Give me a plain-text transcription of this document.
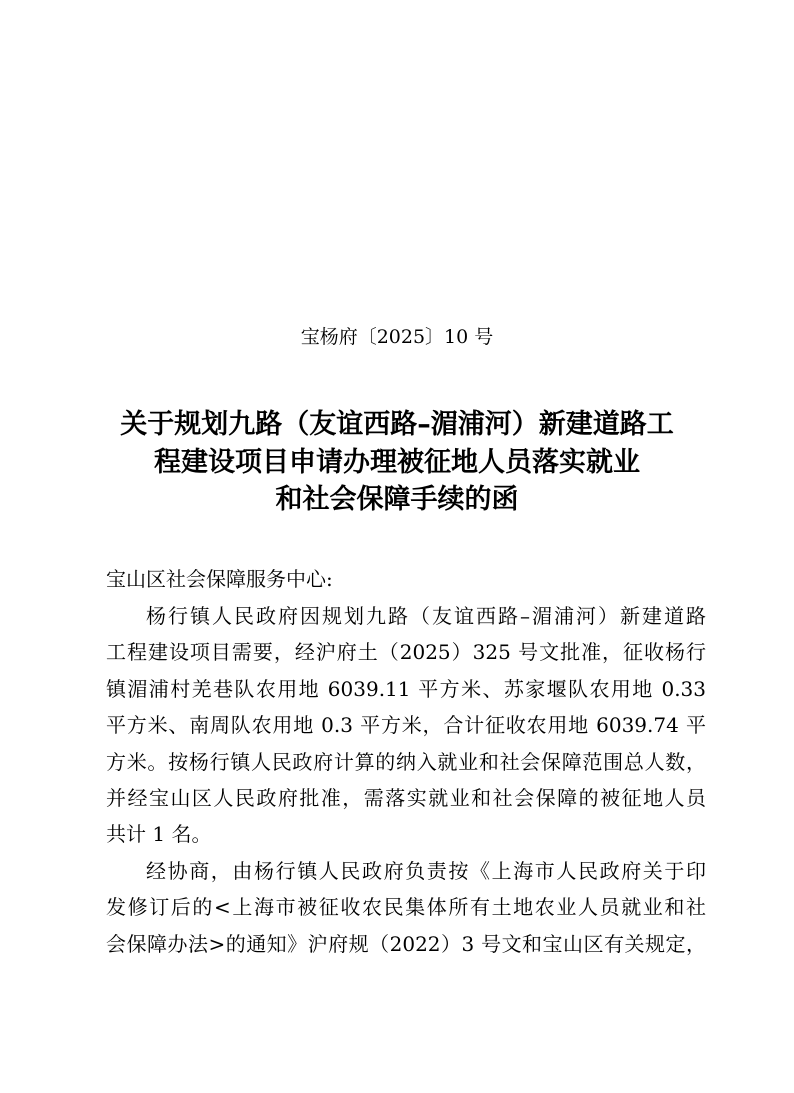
宝杨府〔2025〕10 号

关于规划九路（友谊西路–湄浦河）新建道路工
程建设项目申请办理被征地人员落实就业
和社会保障手续的函

宝山区社会保障服务中心:

杨行镇人民政府因规划九路（友谊西路–湄浦河）新建道路
工程建设项目需要，经沪府土（2025）325 号文批准，征收杨行
镇湄浦村羌巷队农用地 6039.11 平方米、苏家堰队农用地 0.33
平方米、南周队农用地 0.3 平方米，合计征收农用地 6039.74 平
方米。按杨行镇人民政府计算的纳入就业和社会保障范围总人数，
并经宝山区人民政府批准，需落实就业和社会保障的被征地人员
共计 1 名。
经协商，由杨行镇人民政府负责按《上海市人民政府关于印
发修订后的<上海市被征收农民集体所有土地农业人员就业和社
会保障办法>的通知》沪府规（2022）3 号文和宝山区有关规定，
